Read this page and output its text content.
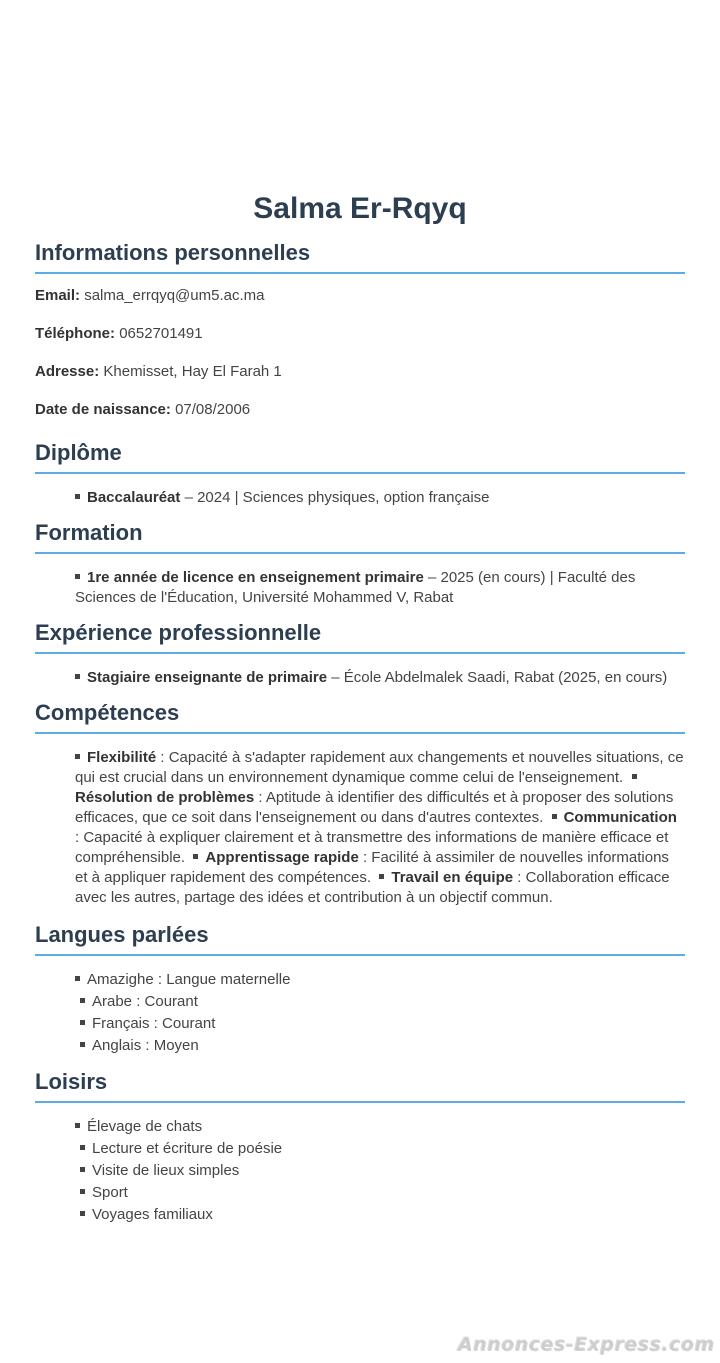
Salma Er-Rqyq
Informations personnelles

Email: salma_errqyq@um5.ac.ma

Téléphone: 0652701491

Adresse: Khemisset, Hay El Farah 1

Date de naissance: 07/08/2006

Diplôme
Baccalauréat – 2024 | Sciences physiques, option française
Formation
1re année de licence en enseignement primaire – 2025 (en cours) | Faculté des Sciences de l'Éducation, Université Mohammed V, Rabat
Expérience professionnelle
Stagiaire enseignante de primaire – École Abdelmalek Saadi, Rabat (2025, en cours)
Compétences
Flexibilité : Capacité à s'adapter rapidement aux changements et nouvelles situations, ce qui est crucial dans un environnement dynamique comme celui de l'enseignement.  Résolution de problèmes : Aptitude à identifier des difficultés et à proposer des solutions efficaces, que ce soit dans l'enseignement ou dans d'autres contextes. Communication : Capacité à expliquer clairement et à transmettre des informations de manière efficace et compréhensible. Apprentissage rapide : Facilité à assimiler de nouvelles informations et à appliquer rapidement des compétences. Travail en équipe : Collaboration efficace avec les autres, partage des idées et contribution à un objectif commun.
Langues parlées
Amazighe : Langue maternelle
Arabe : Courant
Français : Courant
Anglais : Moyen
Loisirs
Élevage de chats
Lecture et écriture de poésie
Visite de lieux simples
Sport
Voyages familiaux
Annonces-Express.com
